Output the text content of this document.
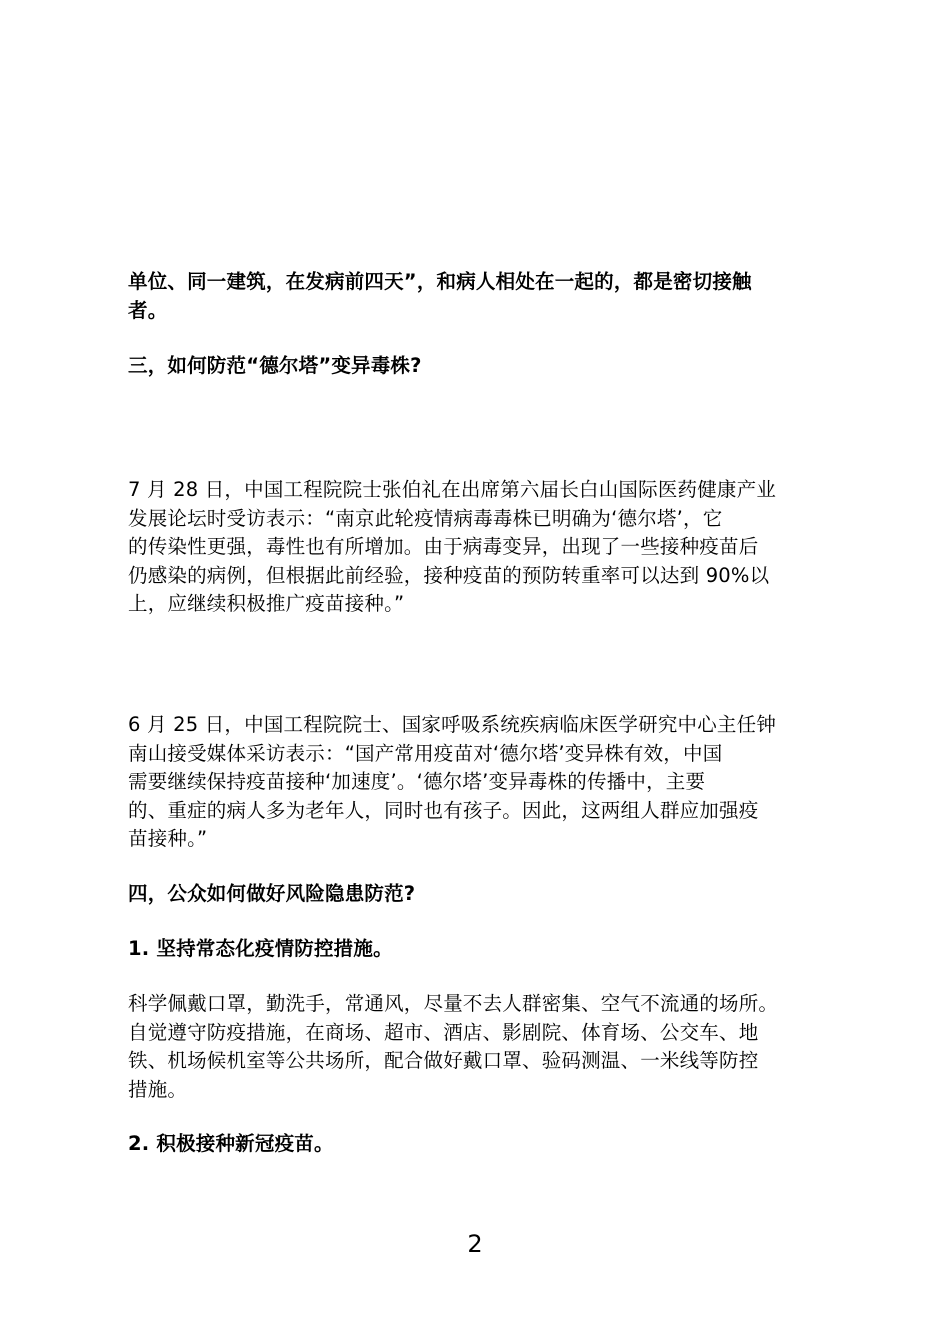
单位、同一建筑，在发病前四天”，和病人相处在一起的，都是密切接触
者。
三，如何防范“德尔塔”变异毒株?
7 月 28 日，中国工程院院士张伯礼在出席第六届长白山国际医药健康产业
发展论坛时受访表示：“南京此轮疫情病毒毒株已明确为‘德尔塔’，它
的传染性更强，毒性也有所增加。由于病毒变异，出现了一些接种疫苗后
仍感染的病例，但根据此前经验，接种疫苗的预防转重率可以达到 90%以
上，应继续积极推广疫苗接种。”
6 月 25 日，中国工程院院士、国家呼吸系统疾病临床医学研究中心主任钟
南山接受媒体采访表示：“国产常用疫苗对‘德尔塔’变异株有效，中国
需要继续保持疫苗接种‘加速度’。‘德尔塔’变异毒株的传播中，主要
的、重症的病人多为老年人，同时也有孩子。因此，这两组人群应加强疫
苗接种。”
四，公众如何做好风险隐患防范?
1. 坚持常态化疫情防控措施。
科学佩戴口罩，勤洗手，常通风，尽量不去人群密集、空气不流通的场所。
自觉遵守防疫措施，在商场、超市、酒店、影剧院、体育场、公交车、地
铁、机场候机室等公共场所，配合做好戴口罩、验码测温、一米线等防控
措施。
2. 积极接种新冠疫苗。
2
